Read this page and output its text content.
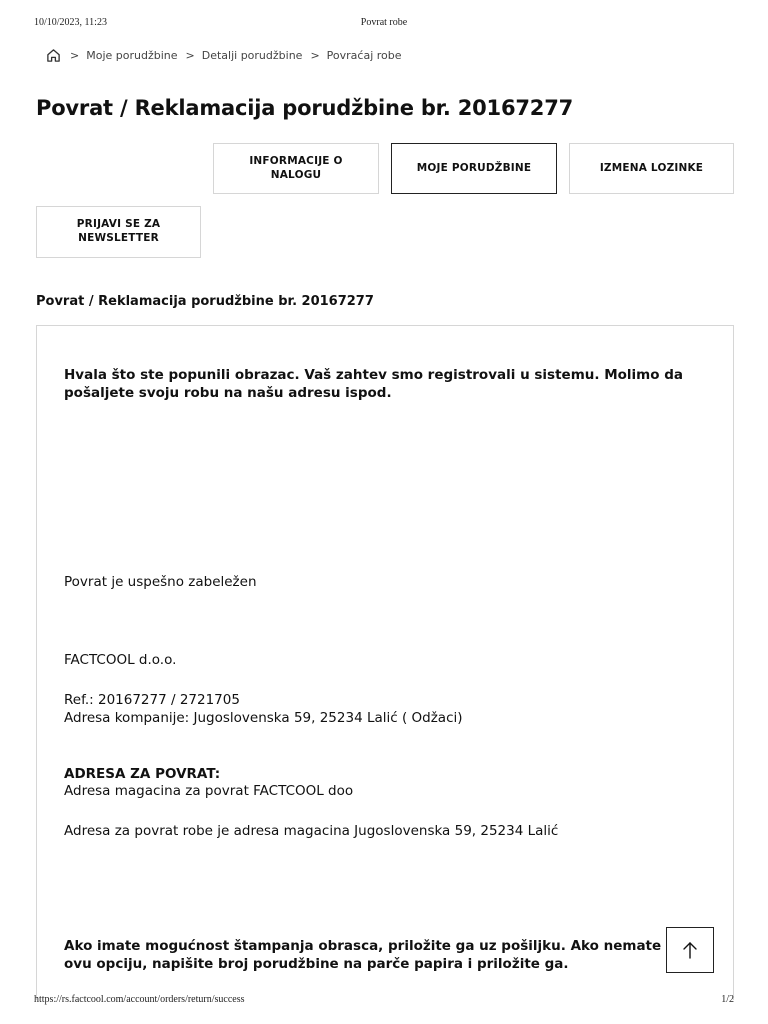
10/10/2023, 11:23	Povrat robe
> Moje porudžbine > Detalji porudžbine > Povraćaj robe
Povrat / Reklamacija porudžbine br. 20167277
INFORMACIJE O NALOGU
MOJE PORUDŽBINE	IZMENA LOZINKE
PRIJAVI SE ZA NEWSLETTER
Povrat / Reklamacija porudžbine br. 20167277

Hvala što ste popunili obrazac. Vaš zahtev smo registrovali u sistemu. Molimo da pošaljete svoju robu na našu adresu ispod.

Povrat je uspešno zabeležen

FACTCOOL d.o.o.

Ref.: 20167277 / 2721705

Adresa kompanije: Jugoslovenska 59, 25234 Lalić ( Odžaci)

ADRESA ZA POVRAT:

Adresa magacina za povrat FACTCOOL doo

Adresa za povrat robe je adresa magacina Jugoslovenska 59, 25234 Lalić

Ako imate mogućnost štampanja obrasca, priložite ga uz pošiljku. Ako nemate ovu opciju, napišite broj porudžbine na parče papira i priložite ga.

https://rs.factcool.com/account/orders/return/success	1/2
